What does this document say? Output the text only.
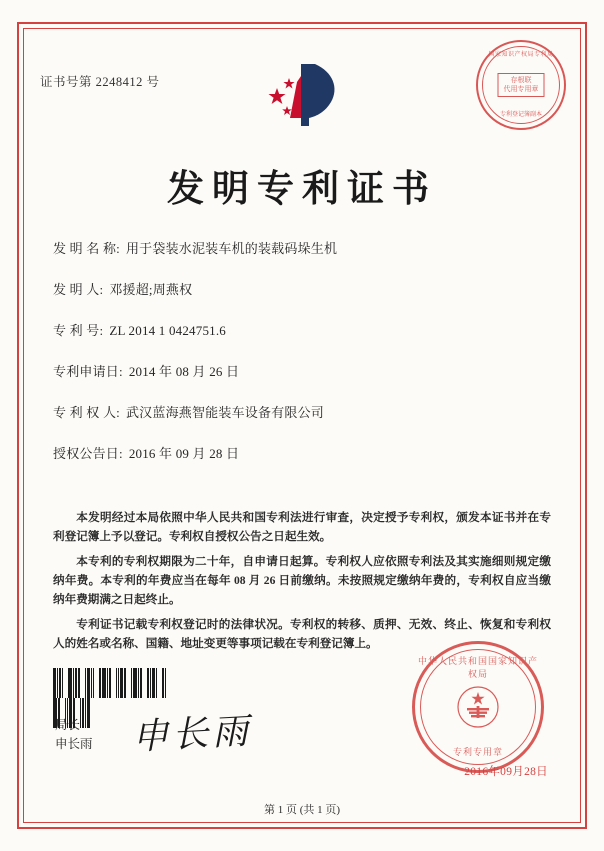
证书号第 2248412 号
国家知识产权局专利局
存根联
代用专用章
专利登记簿副本
发明专利证书
发 明 名 称: 用于袋装水泥装车机的装载码垛生机
发 明 人: 邓援超;周燕权
专 利 号: ZL 2014 1 0424751.6
专利申请日: 2014 年 08 月 26 日
专 利 权 人: 武汉蓝海燕智能装车设备有限公司
授权公告日: 2016 年 09 月 28 日

本发明经过本局依照中华人民共和国专利法进行审查，决定授予专利权，颁发本证书并在专利登记簿上予以登记。专利权自授权公告之日起生效。

本专利的专利权期限为二十年，自申请日起算。专利权人应依照专利法及其实施细则规定缴纳年费。本专利的年费应当在每年 08 月 26 日前缴纳。未按照规定缴纳年费的，专利权自应当缴纳年费期满之日起终止。

专利证书记载专利权登记时的法律状况。专利权的转移、质押、无效、终止、恢复和专利权人的姓名或名称、国籍、地址变更等事项记载在专利登记簿上。

局长
申长雨 申长雨
中华人民共和国国家知识产权局
专利专用章
2016年09月28日
第 1 页 (共 1 页)
